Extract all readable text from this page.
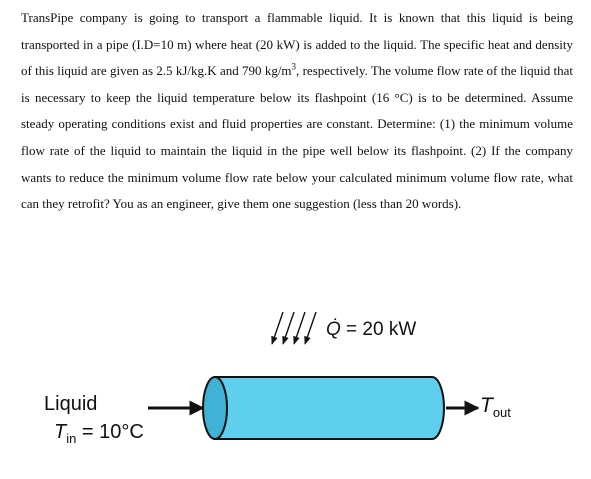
TransPipe company is going to transport a flammable liquid. It is known that this liquid is being transported in a pipe (I.D=10 m) where heat (20 kW) is added to the liquid. The specific heat and density of this liquid are given as 2.5 kJ/kg.K and 790 $kg/m^3$, respectively. The volume flow rate of the liquid that is necessary to keep the liquid temperature below its flashpoint (16 °C) is to be determined. Assume steady operating conditions exist and fluid properties are constant. Determine: (1) the minimum volume flow rate of the liquid to maintain the liquid in the pipe well below its flashpoint. (2) If the company wants to reduce the minimum volume flow rate below your calculated minimum volume flow rate, what can they retrofit? You as an engineer, give them one suggestion (less than 20 words).

Q̇ = 20 kW
Liquid
$T_{in} = 10^\circ C$
$T_{out}$
